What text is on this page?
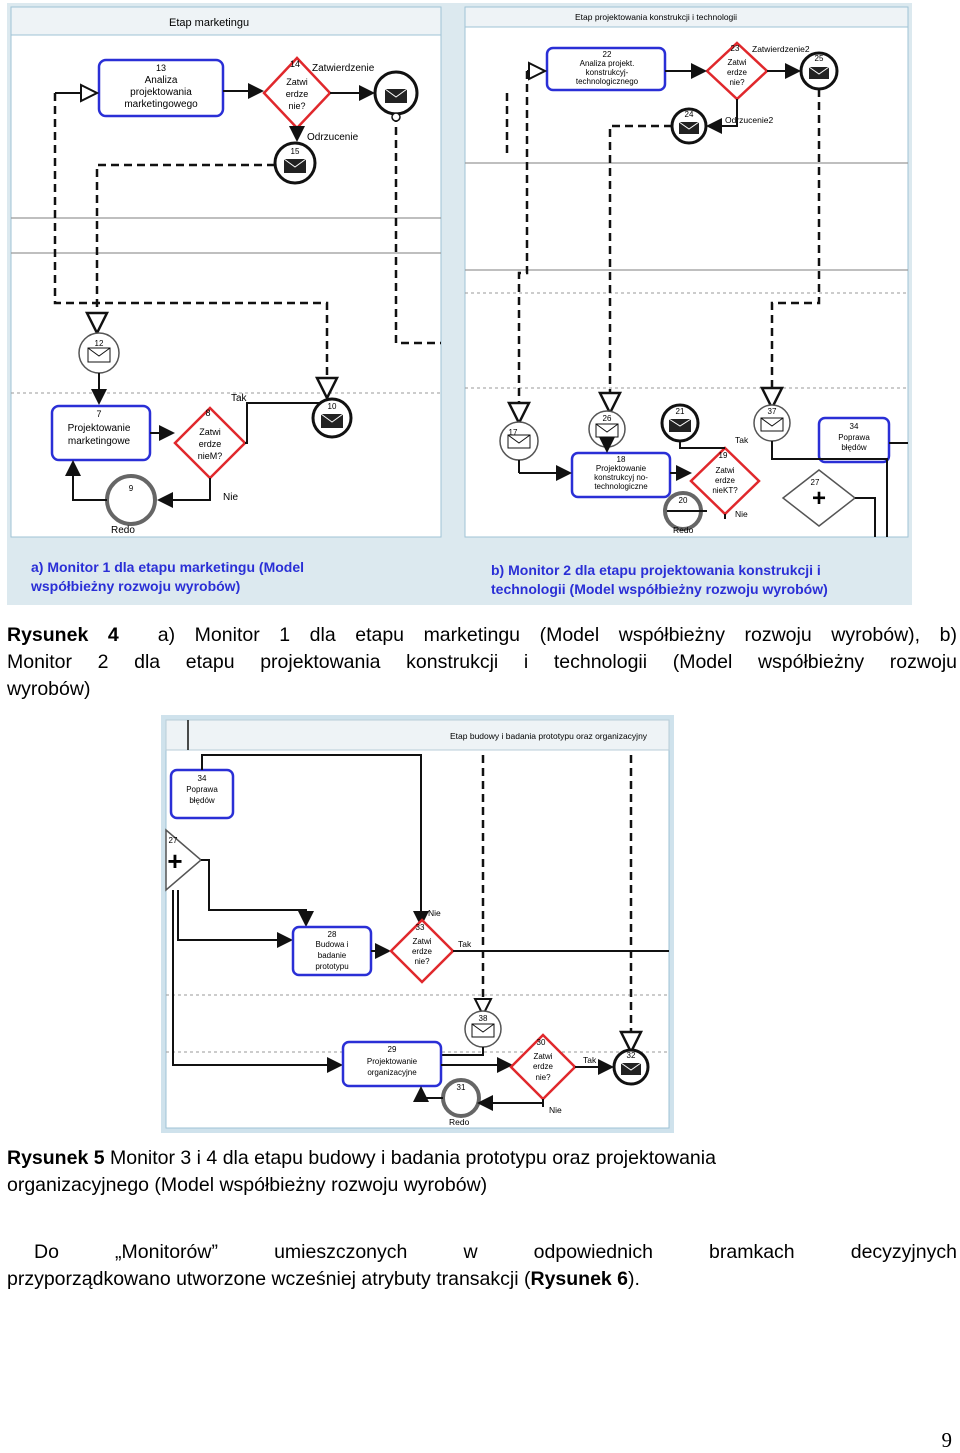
Etap marketingu
13
Analiza
projektowania
marketingowego
14
Zatwi
erdze
nie?
Zatwierdzenie
Odrzucenie
16
15
12
7
Projektowanie
marketingowe
8
Zatwi
erdze
nieM?
Tak
10
Nie
9
Redo
Etap projektowania konstrukcji i technologii
22
Analiza projekt.
konstrukcyj-
technologicznego
23
Zatwi
erdze
nie?
Zatwierdzenie2
Odrzucenie2
25
24
17
26
21	37
34
Poprawa
błędów
18
Projektowanie
konstrukcyj no-
technologiczne
19
Zatwi
erdze
nieKT?
Tak
Nie
20
Redo
+
27
a) Monitor 1 dla etapu marketingu (Model
współbieżny rozwoju wyrobów)
b) Monitor 2 dla etapu projektowania konstrukcji i
technologii (Model współbieżny rozwoju wyrobów)
Rysunek 4 a) Monitor 1 dla etapu marketingu (Model współbieżny rozwoju wyrobów), b)
Monitor 2 dla etapu projektowania konstrukcji i technologii (Model współbieżny rozwoju
wyrobów)
Etap budowy i badania prototypu oraz organizacyjny
34
Poprawa
błędów
+
27
28
Budowa i
badanie
prototypu
33
Zatwi
erdze
nie?
Nie
Tak
38
29
Projektowanie
organizacyjne
30
Zatwi
erdze
nie?
Tak	32
Nie
31
Redo
Rysunek 5 Monitor 3 i 4 dla etapu budowy i badania prototypu oraz projektowania
organizacyjnego (Model współbieżny rozwoju wyrobów)
Do	„Monitorów”	umieszczonych	w	odpowiednich	bramkach	decyzyjnych
przyporządkowano utworzone wcześniej atrybuty transakcji (Rysunek 6).
9
